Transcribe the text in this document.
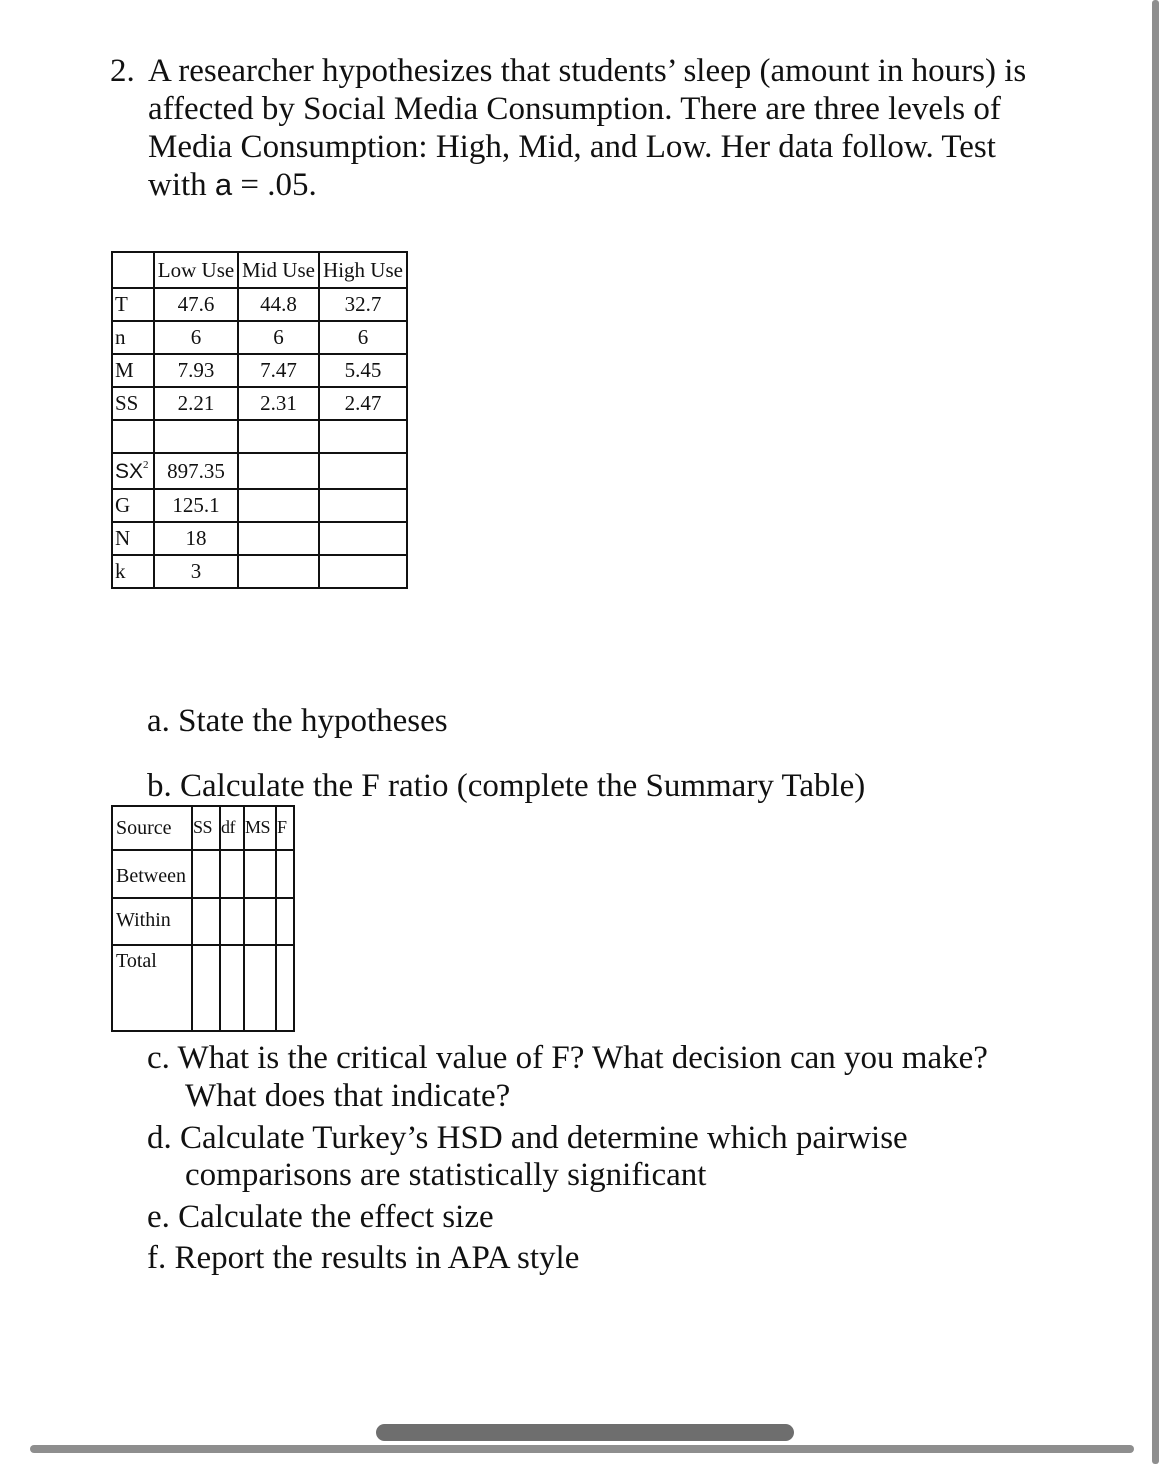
2. A researcher hypothesizes that students’ sleep (amount in hours) is
affected by Social Media Consumption. There are three levels of
Media Consumption: High, Mid, and Low. Her data follow. Test
with a = .05.
	Low Use	Mid Use	High Use
T	47.6	44.8	32.7
n	6	6	6
M	7.93	7.47	5.45
SS	2.21	2.31	2.47

$SX^2$	897.35		
G	125.1		
N	18		
k	3		
a. State the hypotheses
b. Calculate the F ratio (complete the Summary Table)
Source	SS	df	MS	F
Between				
Within				
Total				
c. What is the critical value of F? What decision can you make?
What does that indicate?
d. Calculate Turkey’s HSD and determine which pairwise
comparisons are statistically significant
e. Calculate the effect size
f. Report the results in APA style
